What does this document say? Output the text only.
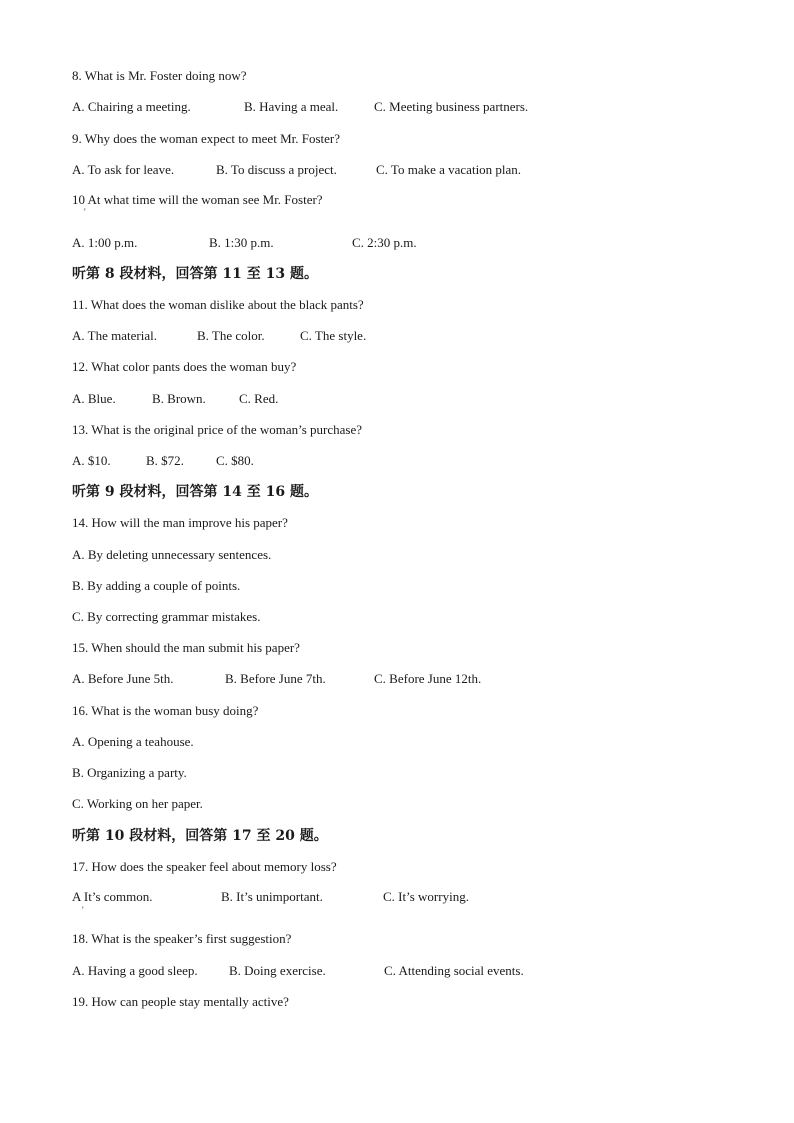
8. What is Mr. Foster doing now?
A. Chairing a meeting.	B. Having a meal.	C. Meeting business partners.
9. Why does the woman expect to meet Mr. Foster?
A. To ask for leave.	B. To discuss a project.	C. To make a vacation plan.
10 At what time will the woman see Mr. Foster?
'
A. 1:00 p.m.	B. 1:30 p.m.	C. 2:30 p.m.
听第 8 段材料，回答第 11 至 13 题。
11. What does the woman dislike about the black pants?
A. The material.	B. The color.	C. The style.
12. What color pants does the woman buy?
A. Blue.	B. Brown.	C. Red.
13. What is the original price of the woman’s purchase?
A. $10.	B. $72. C. $80.
听第 9 段材料，回答第 14 至 16 题。
14. How will the man improve his paper?
A. By deleting unnecessary sentences.
B. By adding a couple of points.
C. By correcting grammar mistakes.
15. When should the man submit his paper?
A. Before June 5th.	B. Before June 7th.	C. Before June 12th.
16. What is the woman busy doing?
A. Opening a teahouse.
B. Organizing a party.
C. Working on her paper.
听第 10 段材料，回答第 17 至 20 题。
17. How does the speaker feel about memory loss?
A It’s common.	B. It’s unimportant.	C. It’s worrying.
'
18. What is the speaker’s first suggestion?
A. Having a good sleep. B. Doing exercise.	C. Attending social events.
19. How can people stay mentally active?
